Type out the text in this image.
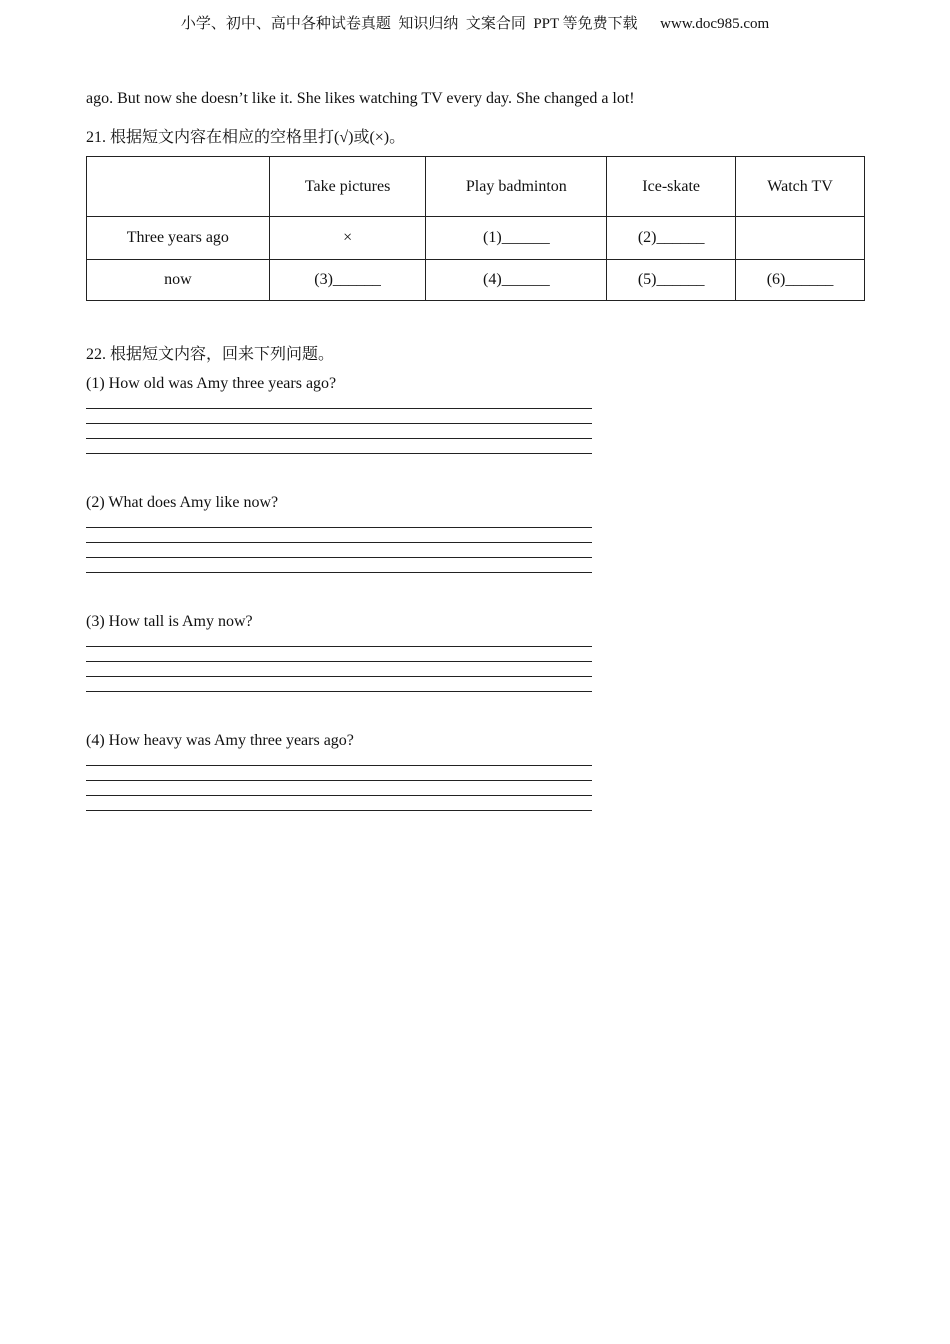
小学、初中、高中各种试卷真题  知识归纳  文案合同  PPT 等免费下载      www.doc985.com
ago. But now she doesn’t like it. She likes watching TV every day. She changed a lot!
21. 根据短文内容在相应的空格里打(√)或(×)。
	Take pictures	Play badminton	Ice-skate	Watch TV
Three years ago	×	(1)______	(2)______	
now	(3)______	(4)______	(5)______	(6)______
22. 根据短文内容，回来下列问题。
(1) How old was Amy three years ago?
(2) What does Amy like now?
(3) How tall is Amy now?
(4) How heavy was Amy three years ago?
